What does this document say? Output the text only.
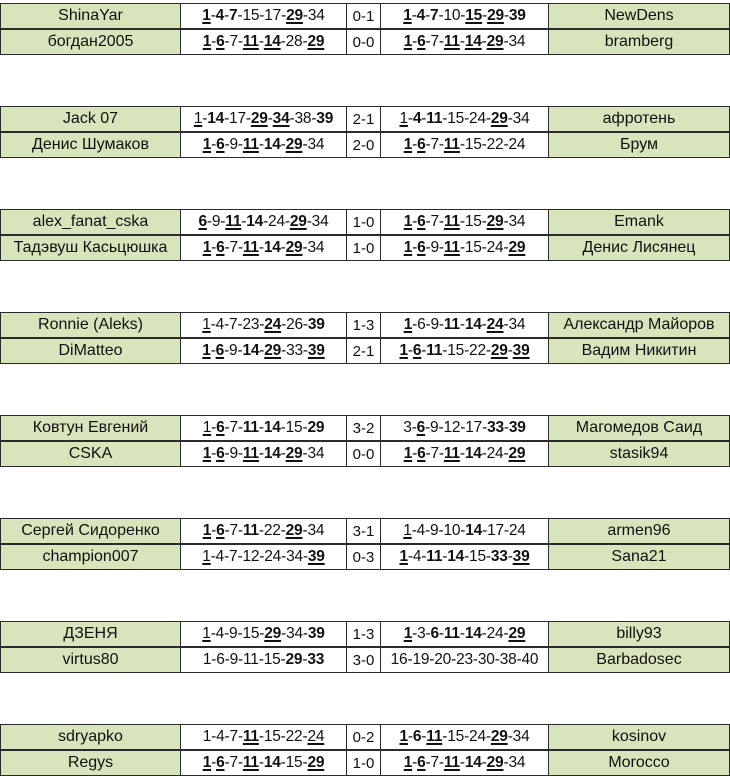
ShinaYar	1 - 4 - 7 - 15 - 17 - 29 - 34	0-1	1 - 4 - 7 - 10 - 15 - 29 - 39	NewDens
богдан2005	1 - 6 - 7 - 11 - 14 - 28 - 29	0-0	1 - 6 - 7 - 11 - 14 - 29 - 34	bramberg
Jack 07	1 - 14 - 17 - 29 - 34 - 38 - 39	2-1	1 - 4 - 11 - 15 - 24 - 29 - 34	афротень
Денис Шумаков	1 - 6 - 9 - 11 - 14 - 29 - 34	2-0	1 - 6 - 7 - 11 - 15 - 22 - 24	Брум
alex_fanat_cska	6 - 9 - 11 - 14 - 24 - 29 - 34	1-0	1 - 6 - 7 - 11 - 15 - 29 - 34	Emank
Тадэвуш Касьцюшка	1 - 6 - 7 - 11 - 14 - 29 - 34	1-0	1 - 6 - 9 - 11 - 15 - 24 - 29	Денис Лисянец
Ronnie (Aleks)	1 - 4 - 7 - 23 - 24 - 26 - 39	1-3	1 - 6 - 9 - 11 - 14 - 24 - 34	Александр Майоров
DiMatteo	1 - 6 - 9 - 14 - 29 - 33 - 39	2-1	1 - 6 - 11 - 15 - 22 - 29 - 39	Вадим Никитин
Ковтун Евгений	1 - 6 - 7 - 11 - 14 - 15 - 29	3-2	3 - 6 - 9 - 12 - 17 - 33 - 39	Магомедов Саид
CSKA	1 - 6 - 9 - 11 - 14 - 29 - 34	0-0	1 - 6 - 7 - 11 - 14 - 24 - 29	stasik94
Сергей Сидоренко	1 - 6 - 7 - 11 - 22 - 29 - 34	3-1	1 - 4 - 9 - 10 - 14 - 17 - 24	armen96
champion007	1 - 4 - 7 - 12 - 24 - 34 - 39	0-3	1 - 4 - 11 - 14 - 15 - 33 - 39	Sana21
ДЗЕНЯ	1 - 4 - 9 - 15 - 29 - 34 - 39	1-3	1 - 3 - 6 - 11 - 14 - 24 - 29	billy93
virtus80	1 - 6 - 9 - 11 - 15 - 29 - 33	3-0	16 - 19 - 20 - 23 - 30 - 38 - 40	Barbadosec
sdryapko	1 - 4 - 7 - 11 - 15 - 22 - 24	0-2	1 - 6 - 11 - 15 - 24 - 29 - 34	kosinov
Regys	1 - 6 - 7 - 11 - 14 - 15 - 29	1-0	1 - 6 - 7 - 11 - 14 - 29 - 34	Morocco
